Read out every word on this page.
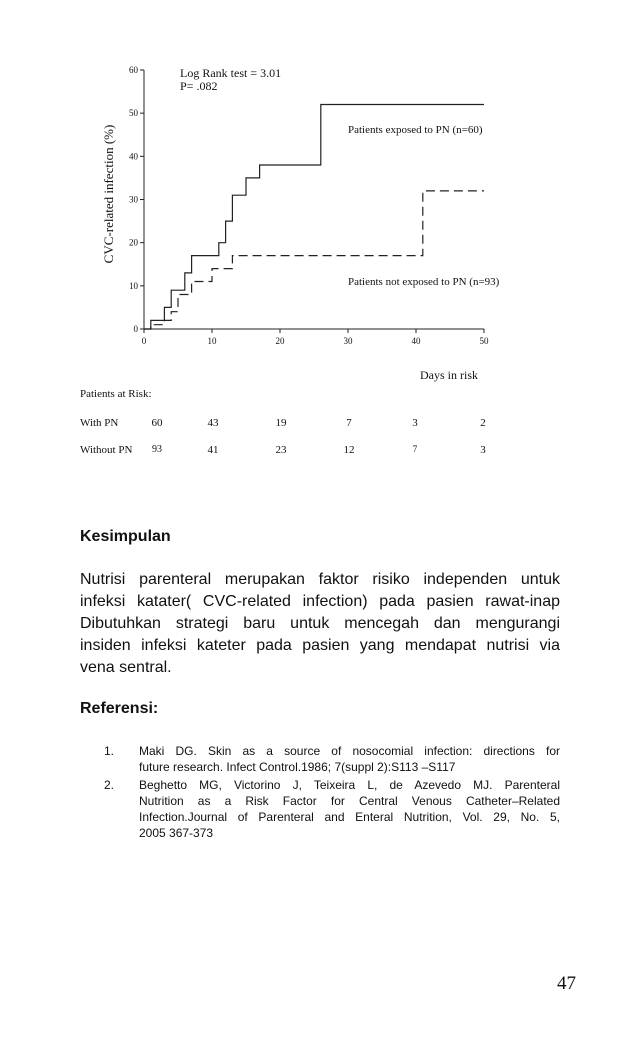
0
10
20
30
40
50
60
0	10	20	30	40	50
CVC-related infection (%)
Days in risk
Log Rank test = 3.01
P= .082
Patients exposed to PN (n=60)
Patients not exposed to PN (n=93)
Patients at Risk:
With PN	60	43	19	7	3	2
Without PN	93	41	23	12	7	3
Kesimpulan
Nutrisi parenteral merupakan faktor risiko independen untuk
infeksi katater( CVC-related infection) pada pasien rawat-inap
Dibutuhkan strategi baru untuk mencegah dan mengurangi
insiden infeksi kateter pada pasien yang mendapat nutrisi via
vena sentral.
Referensi:
1. Maki DG. Skin as a source of nosocomial infection: directions for
future research. Infect Control.1986; 7(suppl 2):S113 –S117
2. Beghetto MG, Victorino J, Teixeira L, de Azevedo MJ. Parenteral
Nutrition as a Risk Factor for Central Venous Catheter–Related
Infection.Journal of Parenteral and Enteral Nutrition, Vol. 29, No. 5,
2005 367-373
47
